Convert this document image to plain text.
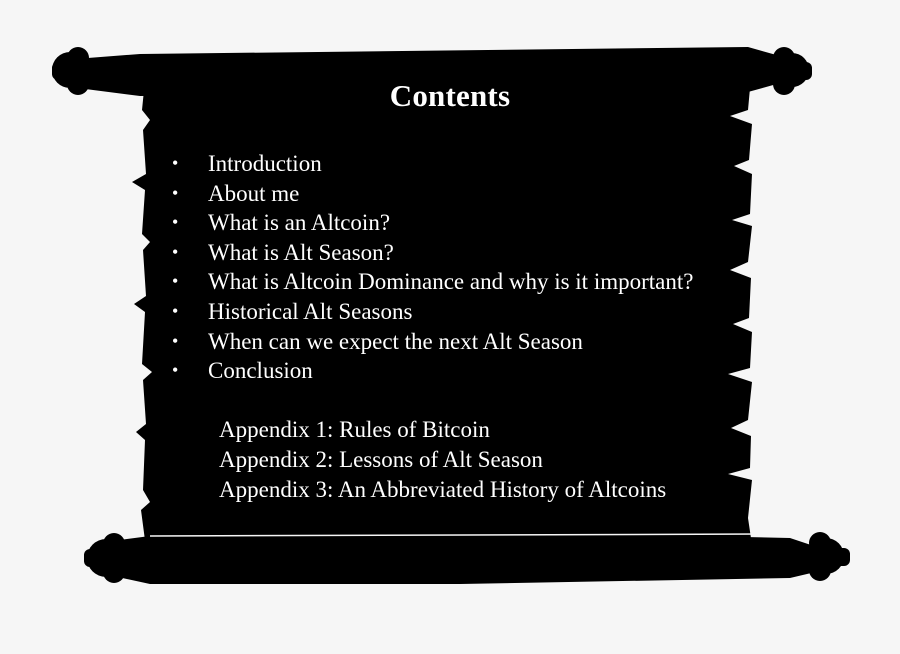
Contents
• Introduction
• About me
• What is an Altcoin?
• What is Alt Season?
• What is Altcoin Dominance and why is it important?
• Historical Alt Seasons
• When can we expect the next Alt Season
• Conclusion
Appendix 1: Rules of Bitcoin
Appendix 2: Lessons of Alt Season
Appendix 3: An Abbreviated History of Altcoins
